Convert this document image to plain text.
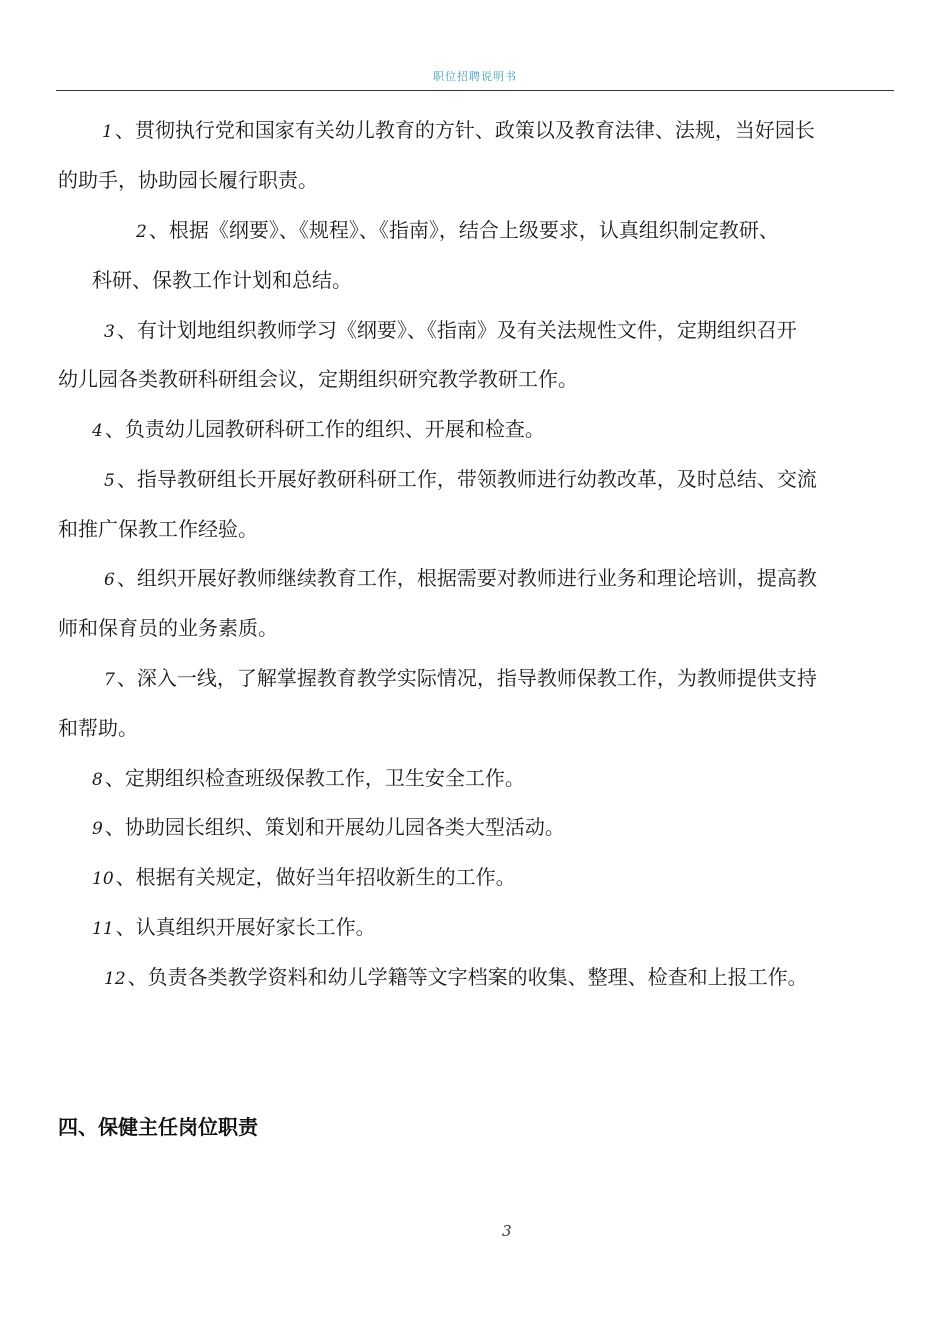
职位招聘说明书
1 、贯彻执行党和国家有关幼儿教育的方针、政策以及教育法律、法规，当好园长
的助手，协助园长履行职责。
2 、根据《纲要》、《规程》、《指南》，结合上级要求，认真组织制定教研、
科研、保教工作计划和总结。
3 、有计划地组织教师学习《纲要》、《指南》及有关法规性文件，定期组织召开
幼儿园各类教研科研组会议，定期组织研究教学教研工作。
4 、负责幼儿园教研科研工作的组织、开展和检查。
5 、指导教研组长开展好教研科研工作，带领教师进行幼教改革，及时总结、交流
和推广保教工作经验。
6 、组织开展好教师继续教育工作，根据需要对教师进行业务和理论培训，提高教
师和保育员的业务素质。
7 、深入一线，了解掌握教育教学实际情况，指导教师保教工作，为教师提供支持
和帮助。
8 、定期组织检查班级保教工作，卫生安全工作。
9 、协助园长组织、策划和开展幼儿园各类大型活动。
10 、根据有关规定，做好当年招收新生的工作。
11 、认真组织开展好家长工作。
12 、负责各类教学资料和幼儿学籍等文字档案的收集、整理、检查和上报工作。
四、保健主任岗位职责
3
